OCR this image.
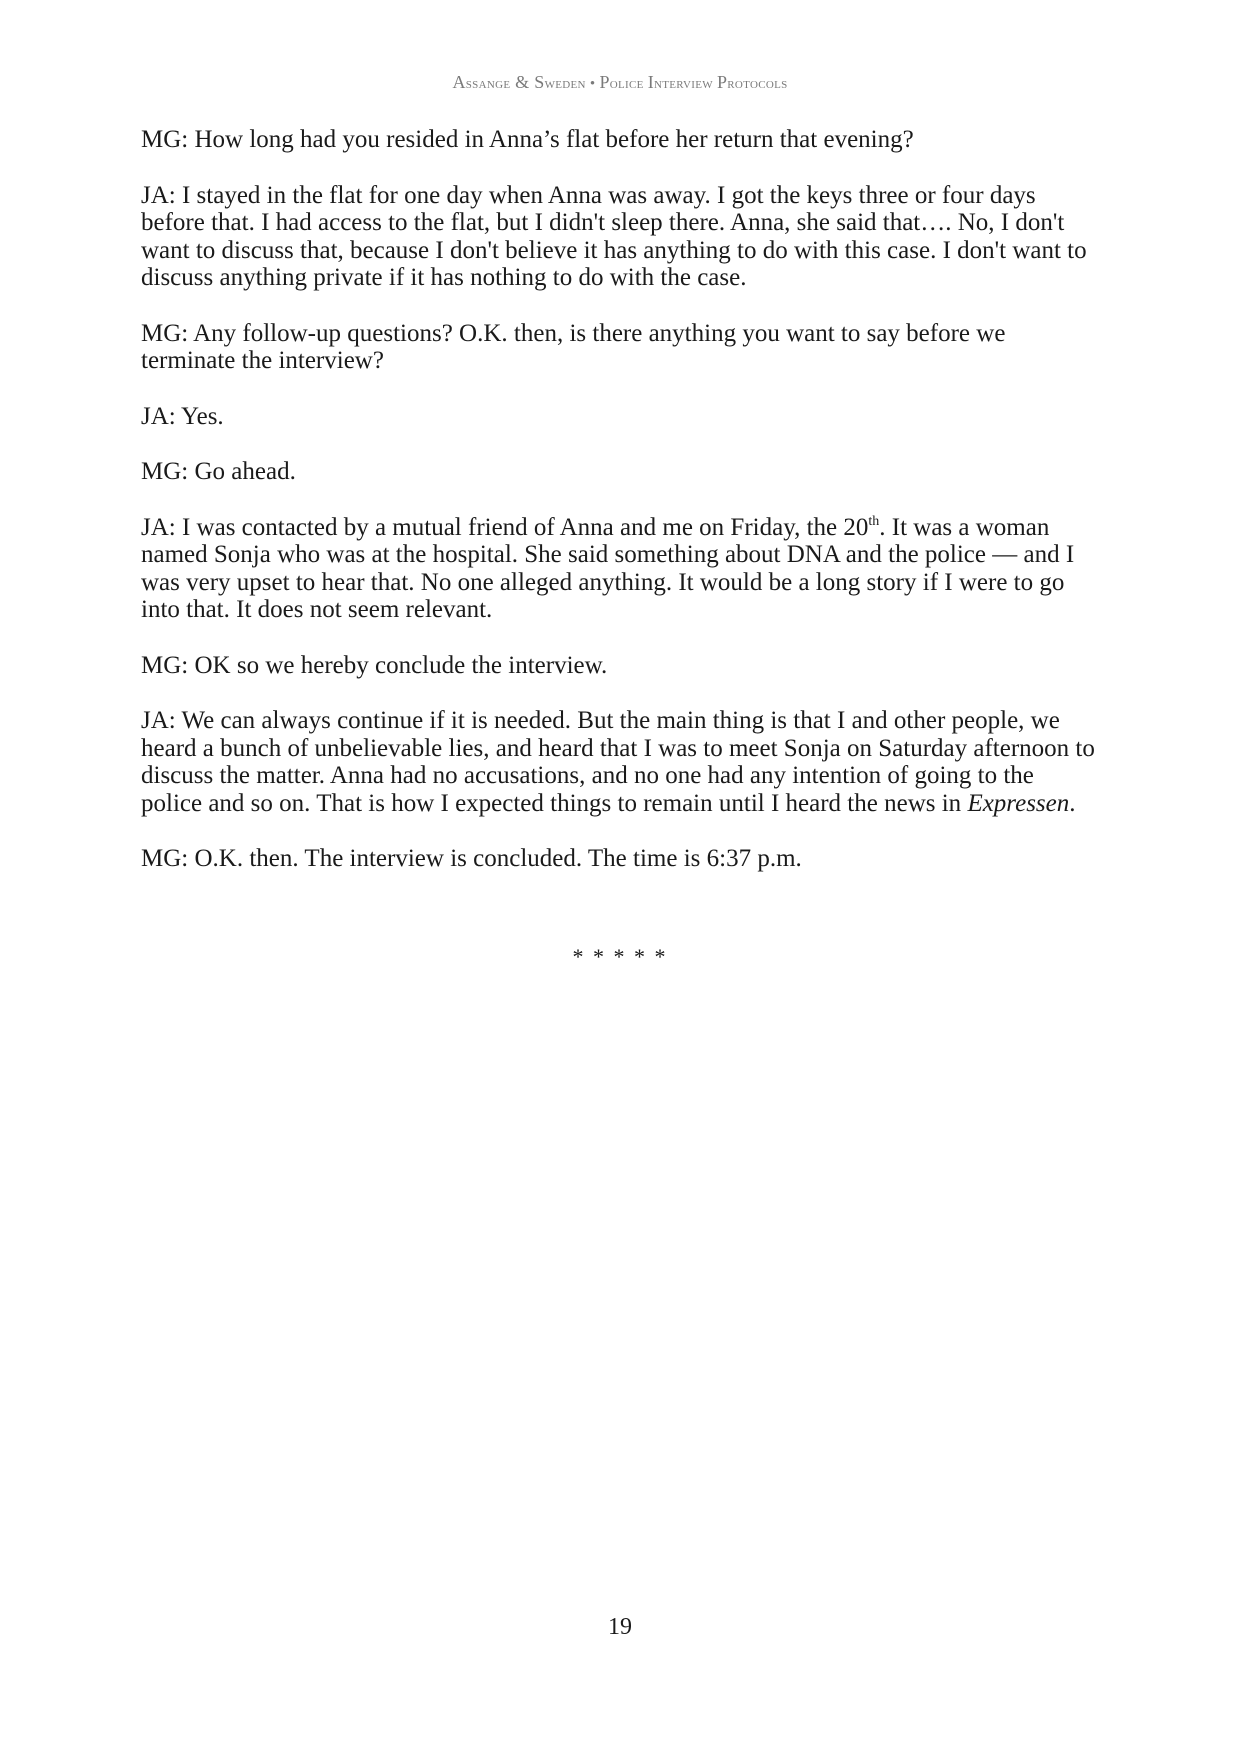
Assange & Sweden • Police Interview Protocols

MG: How long had you resided in Anna’s flat before her return that evening?

JA: I stayed in the flat for one day when Anna was away. I got the keys three or four days before that. I had access to the flat, but I didn't sleep there. Anna, she said that…. No, I don't want to discuss that, because I don't believe it has anything to do with this case. I don't want to discuss anything private if it has nothing to do with the case.

MG: Any follow-up questions? O.K. then, is there anything you want to say before we terminate the interview?

JA: Yes.

MG: Go ahead.

JA: I was contacted by a mutual friend of Anna and me on Friday, the 20th. It was a woman named Sonja who was at the hospital. She said something about DNA and the police — and I was very upset to hear that. No one alleged anything. It would be a long story if I were to go into that. It does not seem relevant.

MG: OK so we hereby conclude the interview.

JA: We can always continue if it is needed. But the main thing is that I and other people, we heard a bunch of unbelievable lies, and heard that I was to meet Sonja on Saturday afternoon to discuss the matter. Anna had no accusations, and no one had any intention of going to the police and so on. That is how I expected things to remain until I heard the news in Expressen.

MG: O.K. then. The interview is concluded. The time is 6:37 p.m.

* * * * *
19
